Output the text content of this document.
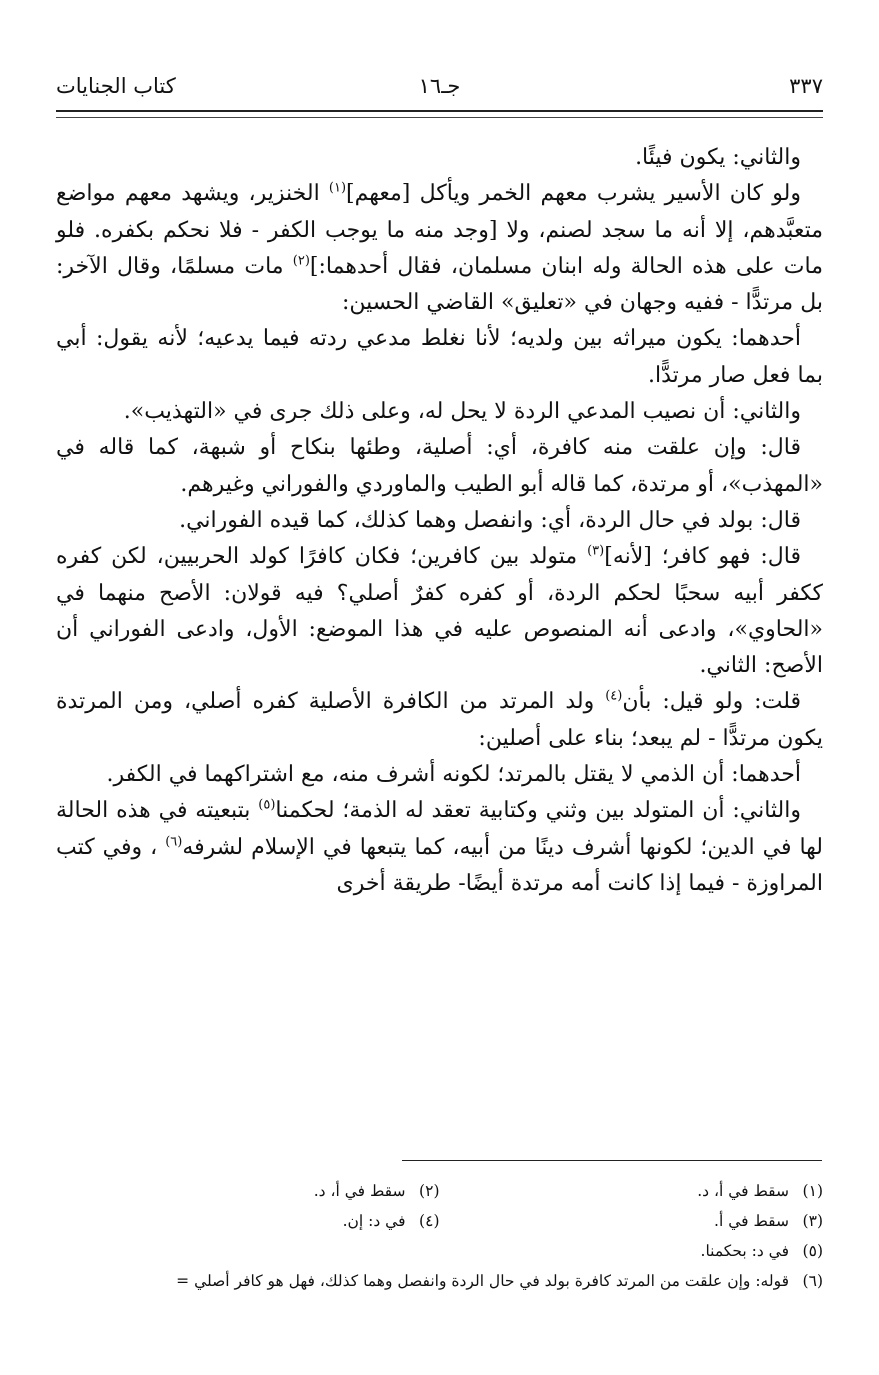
٣٣٧
جـ١٦
كتاب الجنايات

والثاني: يكون فيئًا.

ولو كان الأسير يشرب معهم الخمر ويأكل [معهم]$^{(١)}$ الخنزير، ويشهد معهم مواضع متعبَّدهم، إلا أنه ما سجد لصنم، ولا [وجد منه ما يوجب الكفر - فلا نحكم بكفره. فلو مات على هذه الحالة وله ابنان مسلمان، فقال أحدهما:]$^{(٢)}$ مات مسلمًا، وقال الآخر: بل مرتدًّا - ففيه وجهان في «تعليق» القاضي الحسين:

أحدهما: يكون ميراثه بين ولديه؛ لأنا نغلط مدعي ردته فيما يدعيه؛ لأنه يقول: أبي بما فعل صار مرتدًّا.

والثاني: أن نصيب المدعي الردة لا يحل له، وعلى ذلك جرى في «التهذيب».

قال: وإن علقت منه كافرة، أي: أصلية، وطئها بنكاح أو شبهة، كما قاله في «المهذب»، أو مرتدة، كما قاله أبو الطيب والماوردي والفوراني وغيرهم.

قال: بولد في حال الردة، أي: وانفصل وهما كذلك، كما قيده الفوراني.

قال: فهو كافر؛ [لأنه]$^{(٣)}$ متولد بين كافرين؛ فكان كافرًا كولد الحربيين، لكن كفره ككفر أبيه سحبًا لحكم الردة، أو كفره كفرٌ أصلي؟ فيه قولان: الأصح منهما في «الحاوي»، وادعى أنه المنصوص عليه في هذا الموضع: الأول، وادعى الفوراني أن الأصح: الثاني.

قلت: ولو قيل: بأن$^{(٤)}$ ولد المرتد من الكافرة الأصلية كفره أصلي، ومن المرتدة يكون مرتدًّا - لم يبعد؛ بناء على أصلين:

أحدهما: أن الذمي لا يقتل بالمرتد؛ لكونه أشرف منه، مع اشتراكهما في الكفر.

والثاني: أن المتولد بين وثني وكتابية تعقد له الذمة؛ لحكمنا$^{(٥)}$ بتبعيته في هذه الحالة لها في الدين؛ لكونها أشرف دينًا من أبيه، كما يتبعها في الإسلام لشرفه$^{(٦)}$ ، وفي كتب المراوزة - فيما إذا كانت أمه مرتدة أيضًا- طريقة أخرى

(١)سقط في أ، د.
(٢)سقط في أ، د.
(٣)سقط في أ.
(٤)في د: إن.
(٥)في د: بحكمنا.
(٦)قوله: وإن علقت من المرتد كافرة بولد في حال الردة وانفصل وهما كذلك، فهل هو كافر أصلي =
